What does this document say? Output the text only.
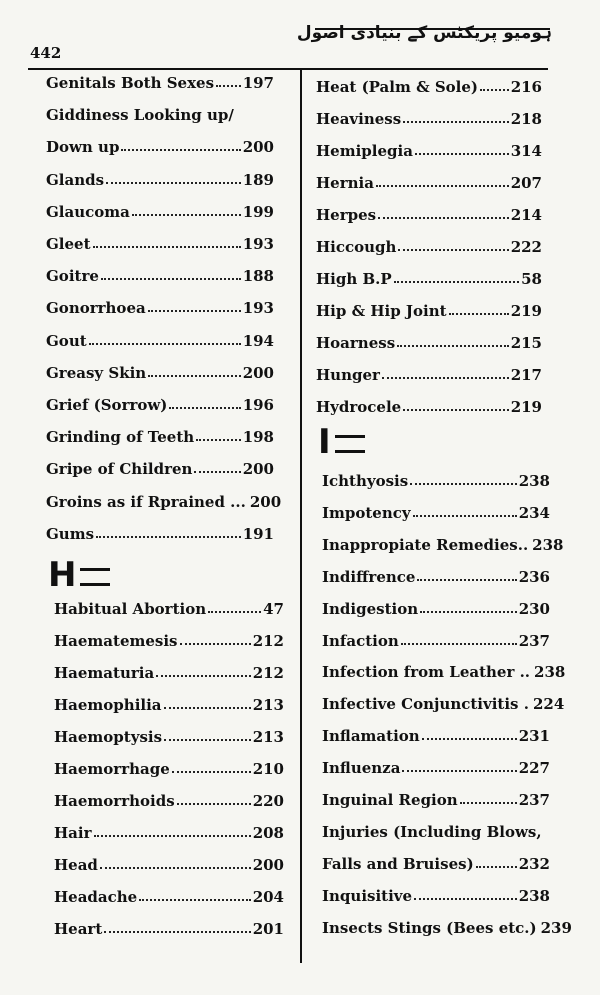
442
ہومیو پریکٹس کے بنیادی اصول
Genitals Both Sexes 197
Giddiness Looking up/
Down up	200
Glands	189
Glaucoma	199
Gleet	193
Goitre	188
Gonorrhoea	193
Gout	194
Greasy Skin	200
Grief (Sorrow)	196
Grinding of Teeth	198
Gripe of Children	200
Groins as if Rprained ... 200
Gums	191
H
Habitual Abortion	47
Haematemesis	212
Haematuria	212
Haemophilia	213
Haemoptysis	213
Haemorrhage	210
Haemorrhoids	220
Hair	208
Head	200
Headache	204
Heart	201
Heat (Palm & Sole) 216
Heaviness	218
Hemiplegia	314
Hernia	207
Herpes	214
Hiccough	222
High B.P	58
Hip & Hip Joint	219
Hoarness	215
Hunger	217
Hydrocele	219
I
Ichthyosis	238
Impotency	234
Inappropiate Remedies.. 238
Indiffrence	236
Indigestion	230
Infaction	237
Infection from Leather .. 238
Infective Conjunctivitis . 224
Inflamation	231
Influenza	227
Inguinal Region	237
Injuries (Including Blows,
Falls and Bruises)	232
Inquisitive	238
Insects Stings (Bees etc.) 239
